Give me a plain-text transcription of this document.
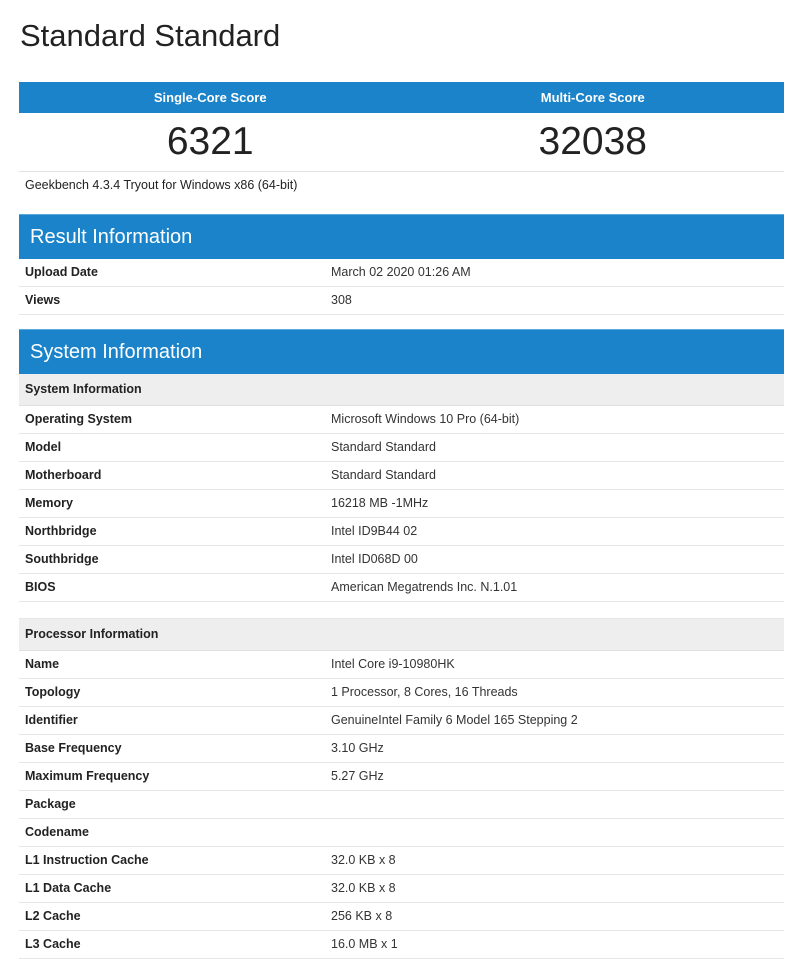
Standard Standard
Single-Core Score	Multi-Core Score
6321	32038
Geekbench 4.3.4 Tryout for Windows x86 (64-bit)
Result Information
Upload Date	March 02 2020 01:26 AM
Views	308
System Information
System Information
Operating System	Microsoft Windows 10 Pro (64-bit)
Model	Standard Standard
Motherboard	Standard Standard
Memory	16218 MB -1MHz
Northbridge	Intel ID9B44 02
Southbridge	Intel ID068D 00
BIOS	American Megatrends Inc. N.1.01
Processor Information
Name	Intel Core i9-10980HK
Topology	1 Processor, 8 Cores, 16 Threads
Identifier	GenuineIntel Family 6 Model 165 Stepping 2
Base Frequency	3.10 GHz
Maximum Frequency	5.27 GHz
Package
Codename
L1 Instruction Cache	32.0 KB x 8
L1 Data Cache	32.0 KB x 8
L2 Cache	256 KB x 8
L3 Cache	16.0 MB x 1
